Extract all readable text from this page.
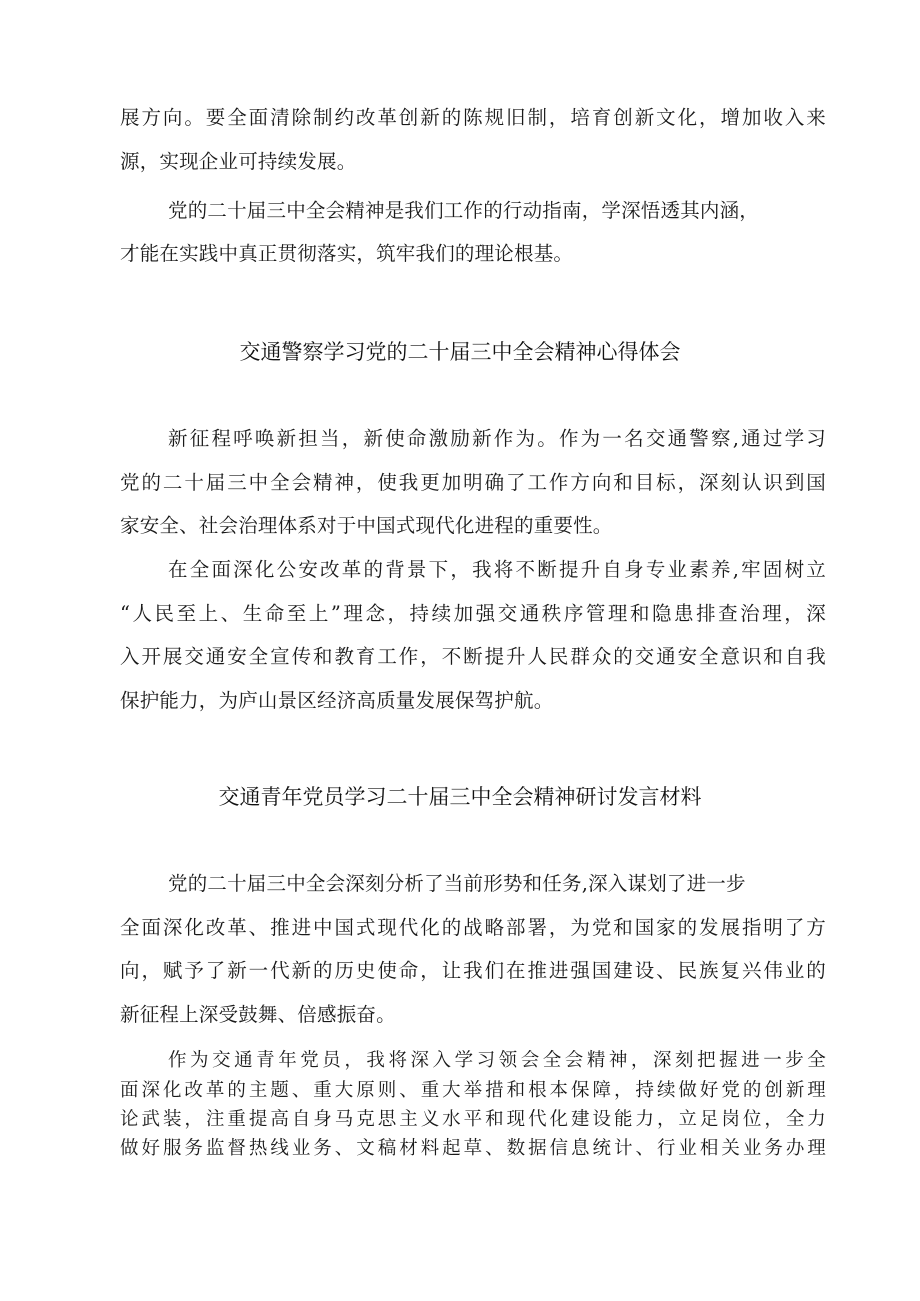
展方向。要全面清除制约改革创新的陈规旧制，培育创新文化，增加收入来
源，实现企业可持续发展。
党的二十届三中全会精神是我们工作的行动指南，学深悟透其内涵，
才能在实践中真正贯彻落实，筑牢我们的理论根基。
交通警察学习党的二十届三中全会精神心得体会
新征程呼唤新担当，新使命激励新作为。作为一名交通警察,通过学习
党的二十届三中全会精神，使我更加明确了工作方向和目标，深刻认识到国
家安全、社会治理体系对于中国式现代化进程的重要性。
在全面深化公安改革的背景下，我将不断提升自身专业素养,牢固树立
“人民至上、生命至上”理念，持续加强交通秩序管理和隐患排查治理，深
入开展交通安全宣传和教育工作，不断提升人民群众的交通安全意识和自我
保护能力，为庐山景区经济高质量发展保驾护航。
交通青年党员学习二十届三中全会精神研讨发言材料
党的二十届三中全会深刻分析了当前形势和任务,深入谋划了进一步
全面深化改革、推进中国式现代化的战略部署，为党和国家的发展指明了方
向，赋予了新一代新的历史使命，让我们在推进强国建设、民族复兴伟业的
新征程上深受鼓舞、倍感振奋。
作为交通青年党员，我将深入学习领会全会精神，深刻把握进一步全
面深化改革的主题、重大原则、重大举措和根本保障，持续做好党的创新理
论武装，注重提高自身马克思主义水平和现代化建设能力，立足岗位，全力
做好服务监督热线业务、文稿材料起草、数据信息统计、行业相关业务办理
